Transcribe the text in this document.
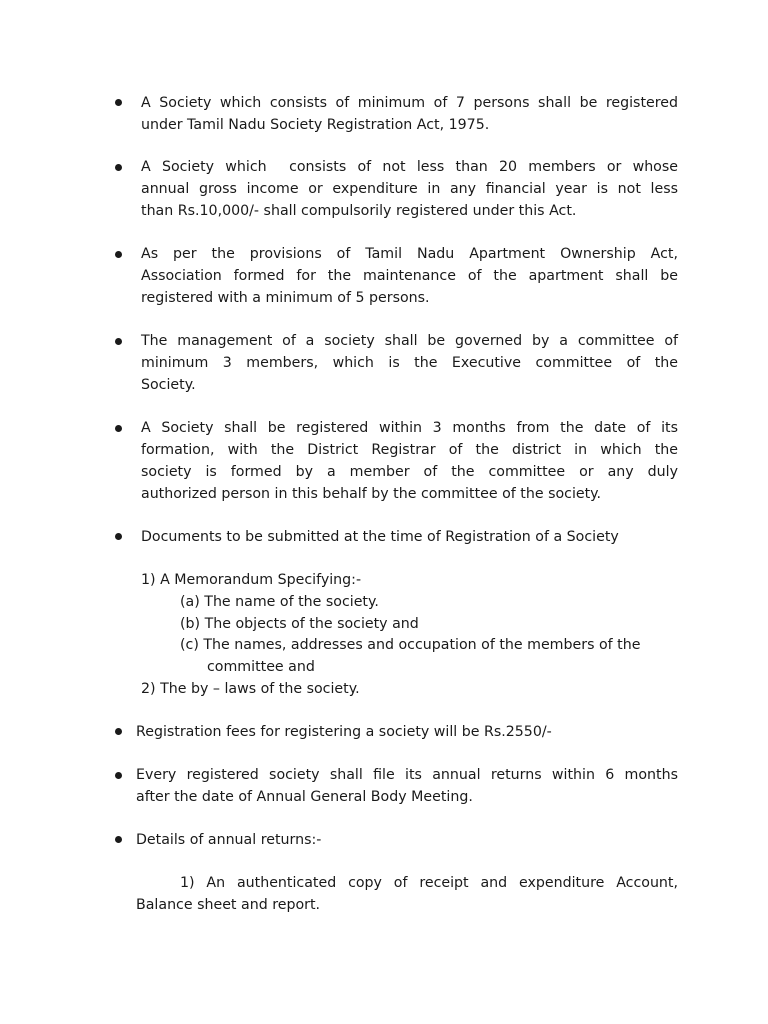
A Society which consists of minimum of 7 persons shall be registered
under Tamil Nadu Society Registration Act, 1975.
A Society which  consists of not less than 20 members or whose
annual gross income or expenditure in any financial year is not less
than Rs.10,000/- shall compulsorily registered under this Act.
As per the provisions of Tamil Nadu Apartment Ownership Act,
Association formed for the maintenance of the apartment shall be
registered with a minimum of 5 persons.
The management of a society shall be governed by a committee of
minimum 3 members, which is the Executive committee of the
Society.
A Society shall be registered within 3 months from the date of its
formation, with the District Registrar of the district in which the
society is formed by a member of the committee or any duly
authorized person in this behalf by the committee of the society.
Documents to be submitted at the time of Registration of a Society
1) A Memorandum Specifying:-
(a) The name of the society.
(b) The objects of the society and
(c) The names, addresses and occupation of the members of the
committee and
2) The by – laws of the society.
Registration fees for registering a society will be Rs.2550/-
Every registered society shall file its annual returns within 6 months
after the date of Annual General Body Meeting.
Details of annual returns:-
1) An authenticated copy of receipt and expenditure Account,
Balance sheet and report.
